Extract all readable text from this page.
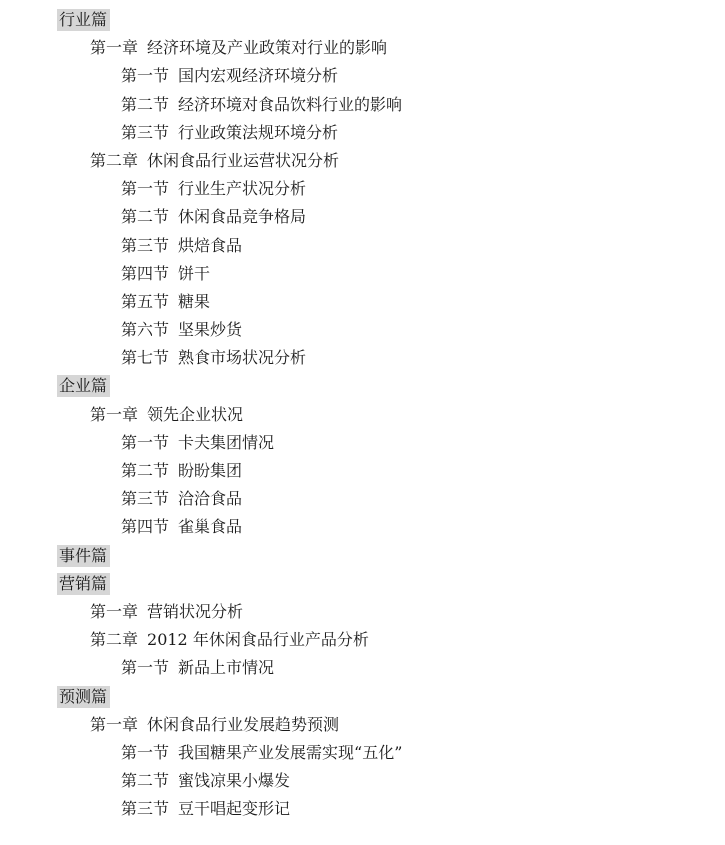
行业篇
第一章 经济环境及产业政策对行业的影响
第一节 国内宏观经济环境分析
第二节 经济环境对食品饮料行业的影响
第三节 行业政策法规环境分析
第二章 休闲食品行业运营状况分析
第一节 行业生产状况分析
第二节 休闲食品竞争格局
第三节 烘焙食品
第四节 饼干
第五节 糖果
第六节 坚果炒货
第七节 熟食市场状况分析
企业篇
第一章 领先企业状况
第一节 卡夫集团情况
第二节 盼盼集团
第三节 洽洽食品
第四节 雀巢食品
事件篇
营销篇
第一章 营销状况分析
第二章 2012 年休闲食品行业产品分析
第一节 新品上市情况
预测篇
第一章 休闲食品行业发展趋势预测
第一节 我国糖果产业发展需实现“五化”
第二节 蜜饯凉果小爆发
第三节 豆干唱起变形记
